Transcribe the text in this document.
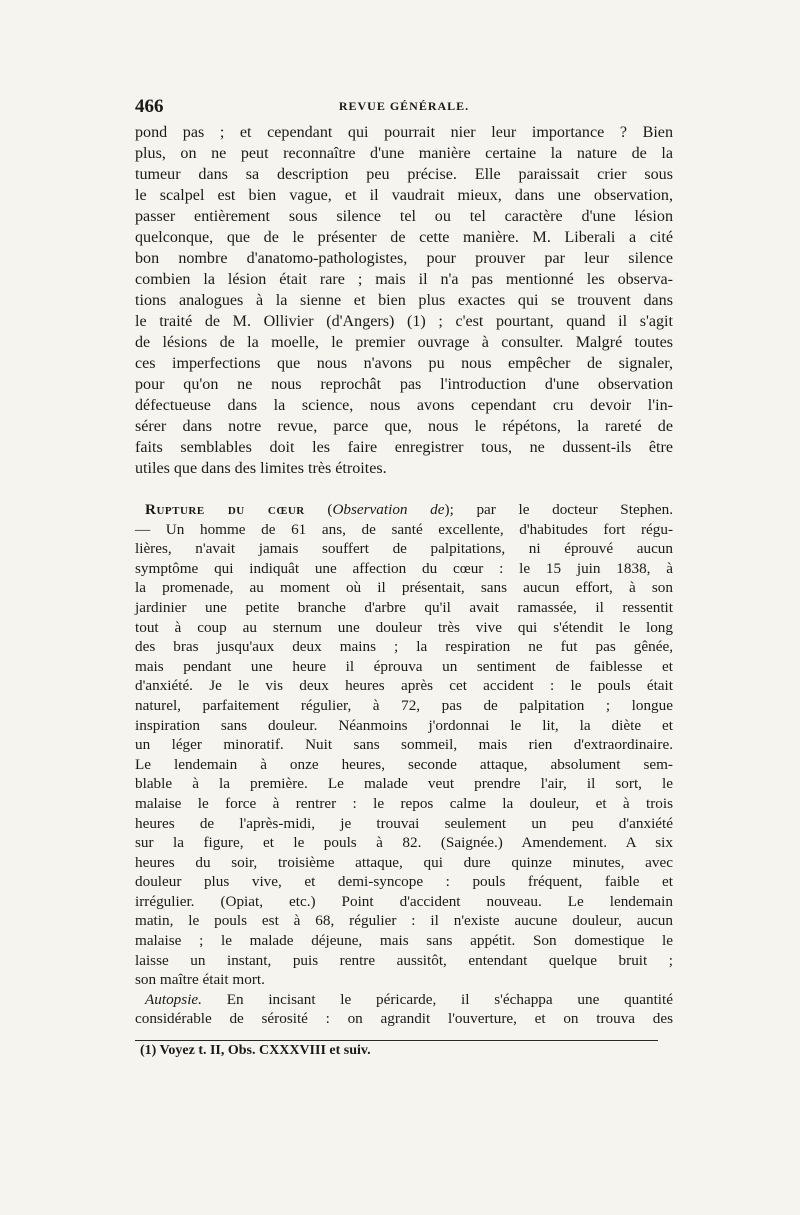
466	REVUE GÉNÉRALE.
pond pas ; et cependant qui pourrait nier leur importance ? Bien
plus, on ne peut reconnaître d'une manière certaine la nature de la
tumeur dans sa description peu précise. Elle paraissait crier sous
le scalpel est bien vague, et il vaudrait mieux, dans une observation,
passer entièrement sous silence tel ou tel caractère d'une lésion
quelconque, que de le présenter de cette manière. M. Liberali a cité
bon nombre d'anatomo-pathologistes, pour prouver par leur silence
combien la lésion était rare ; mais il n'a pas mentionné les observa-
tions analogues à la sienne et bien plus exactes qui se trouvent dans
le traité de M. Ollivier (d'Angers) (1) ; c'est pourtant, quand il s'agit
de lésions de la moelle, le premier ouvrage à consulter. Malgré toutes
ces imperfections que nous n'avons pu nous empêcher de signaler,
pour qu'on ne nous reprochât pas l'introduction d'une observation
défectueuse dans la science, nous avons cependant cru devoir l'in-
sérer dans notre revue, parce que, nous le répétons, la rareté de
faits semblables doit les faire enregistrer tous, ne dussent-ils être
utiles que dans des limites très étroites.
Rupture du cœur (Observation de); par le docteur Stephen.
— Un homme de 61 ans, de santé excellente, d'habitudes fort régu-
lières, n'avait jamais souffert de palpitations, ni éprouvé aucun
symptôme qui indiquât une affection du cœur : le 15 juin 1838, à
la promenade, au moment où il présentait, sans aucun effort, à son
jardinier une petite branche d'arbre qu'il avait ramassée, il ressentit
tout à coup au sternum une douleur très vive qui s'étendit le long
des bras jusqu'aux deux mains ; la respiration ne fut pas gênée,
mais pendant une heure il éprouva un sentiment de faiblesse et
d'anxiété. Je le vis deux heures après cet accident : le pouls était
naturel, parfaitement régulier, à 72, pas de palpitation ; longue
inspiration sans douleur. Néanmoins j'ordonnai le lit, la diète et
un léger minoratif. Nuit sans sommeil, mais rien d'extraordinaire.
Le lendemain à onze heures, seconde attaque, absolument sem-
blable à la première. Le malade veut prendre l'air, il sort, le
malaise le force à rentrer : le repos calme la douleur, et à trois
heures de l'après-midi, je trouvai seulement un peu d'anxiété
sur la figure, et le pouls à 82. (Saignée.) Amendement. A six
heures du soir, troisième attaque, qui dure quinze minutes, avec
douleur plus vive, et demi-syncope : pouls fréquent, faible et
irrégulier. (Opiat, etc.) Point d'accident nouveau. Le lendemain
matin, le pouls est à 68, régulier : il n'existe aucune douleur, aucun
malaise ; le malade déjeune, mais sans appétit. Son domestique le
laisse un instant, puis rentre aussitôt, entendant quelque bruit ;
son maître était mort.
Autopsie. En incisant le péricarde, il s'échappa une quantité
considérable de sérosité : on agrandit l'ouverture, et on trouva des
(1) Voyez t. II, Obs. CXXXVIII et suiv.
